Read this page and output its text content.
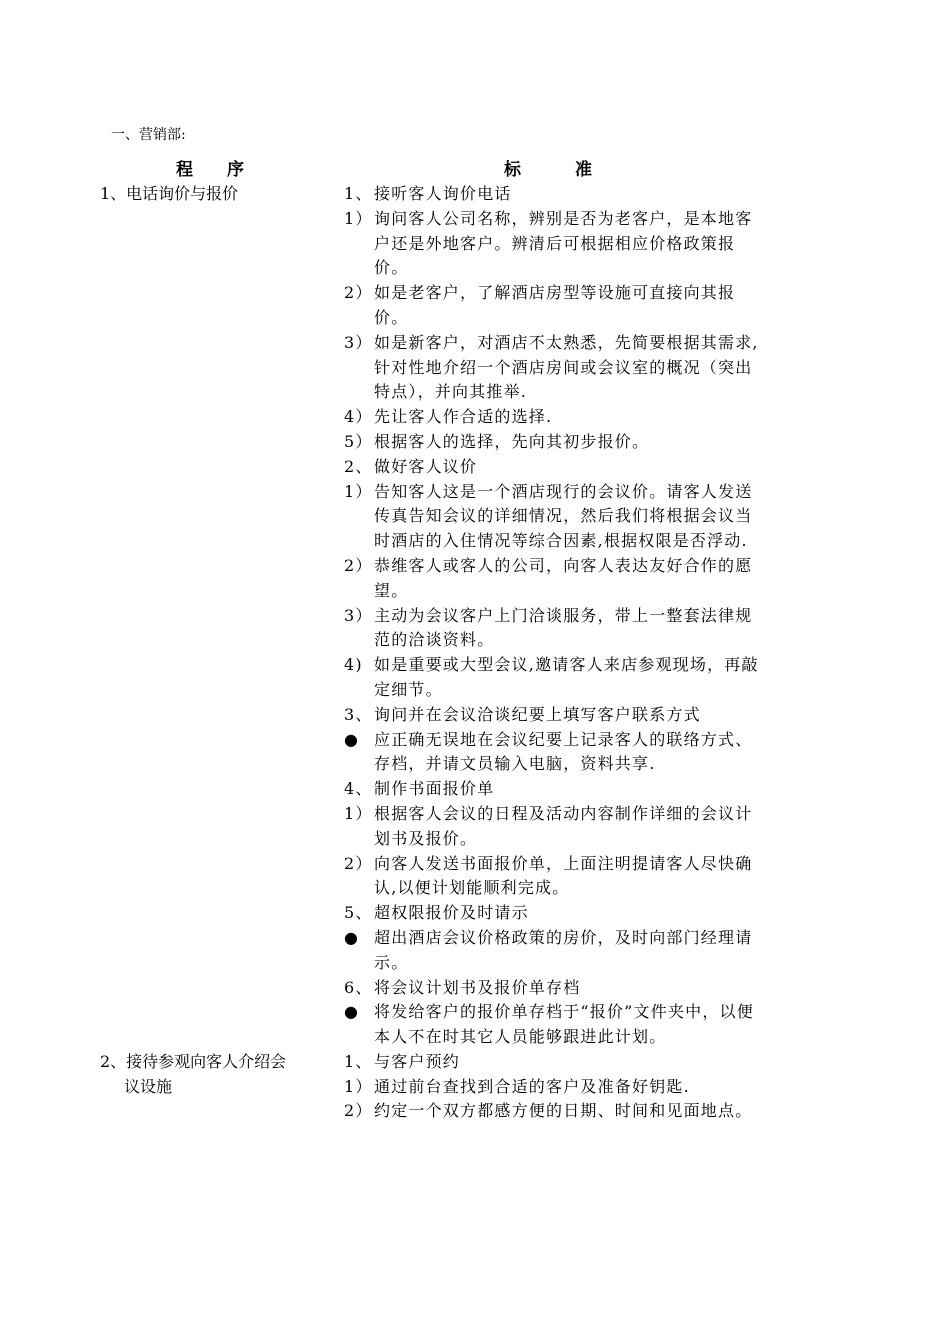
一、营销部:
程序	标准
1、电话询价与报价	1、 接听客人询价电话
1） 询问客人公司名称，辨别是否为老客户，是本地客户还是外地客户。辨清后可根据相应价格政策报价。
2） 如是老客户，了解酒店房型等设施可直接向其报价。
3） 如是新客户，对酒店不太熟悉，先简要根据其需求,针对性地介绍一个酒店房间或会议室的概况（突出特点），并向其推举.
4） 先让客人作合适的选择.
5） 根据客人的选择，先向其初步报价。
2、 做好客人议价
1） 告知客人这是一个酒店现行的会议价。请客人发送传真告知会议的详细情况，然后我们将根据会议当时酒店的入住情况等综合因素,根据权限是否浮动.
2） 恭维客人或客人的公司，向客人表达友好合作的愿望。
3） 主动为会议客户上门洽谈服务，带上一整套法律规范的洽谈资料。
4) 如是重要或大型会议,邀请客人来店参观现场，再敲定细节。
3、 询问并在会议洽谈纪要上填写客户联系方式
● 应正确无误地在会议纪要上记录客人的联络方式、存档，并请文员输入电脑，资料共享.
4、 制作书面报价单
1） 根据客人会议的日程及活动内容制作详细的会议计划书及报价。
2） 向客人发送书面报价单，上面注明提请客人尽快确认,以便计划能顺利完成。
5、 超权限报价及时请示
● 超出酒店会议价格政策的房价，及时向部门经理请示。
6、 将会议计划书及报价单存档
● 将发给客户的报价单存档于“报价”文件夹中，以便本人不在时其它人员能够跟进此计划。
2、接待参观向客人介绍会
议设施
1、 与客户预约
1） 通过前台查找到合适的客户及准备好钥匙.
2） 约定一个双方都感方便的日期、时间和见面地点。
